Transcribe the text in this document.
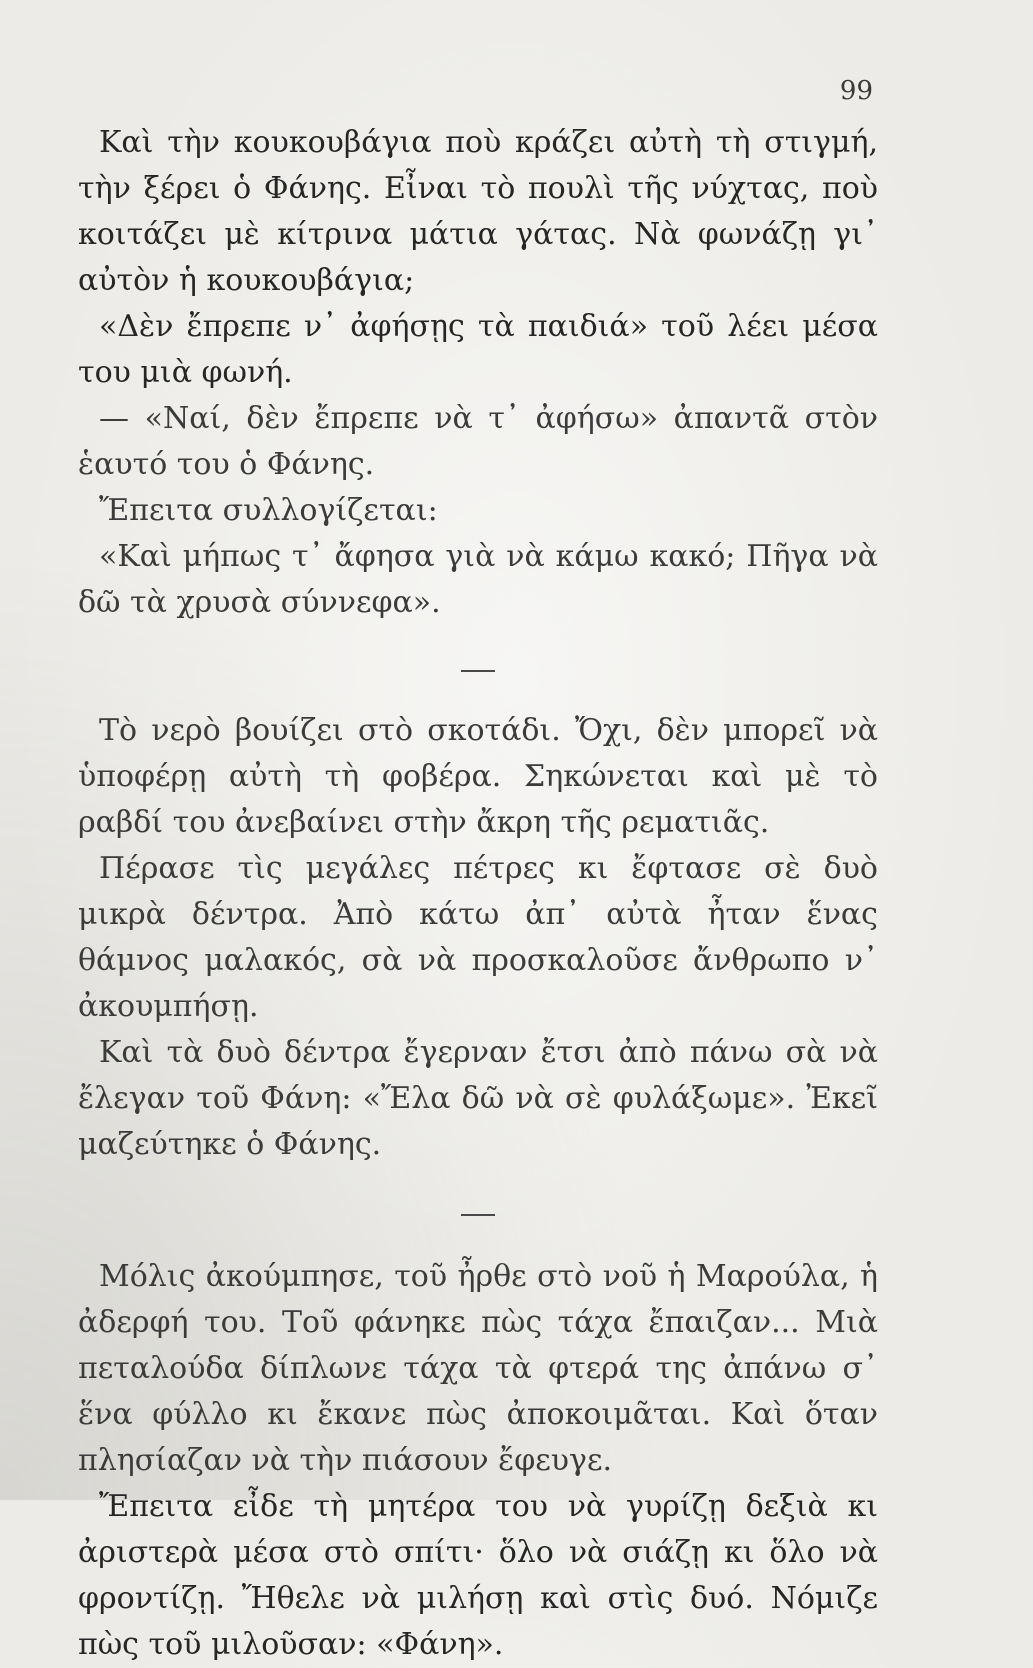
99

Καὶ τὴν κουκουβάγια ποὺ κράζει αὐτὴ τὴ στιγμή, τὴν ξέρει ὁ Φάνης. Εἶναι τὸ πουλὶ τῆς νύχτας, ποὺ κοιτάζει μὲ κίτρινα μάτια γάτας. Νὰ φωνάζῃ γι᾿ αὐτὸν ἡ κουκουβάγια;

«Δὲν ἔπρεπε ν᾿ ἀφήσῃς τὰ παιδιά» τοῦ λέει μέσα του μιὰ φωνή.

— «Ναί, δὲν ἔπρεπε νὰ τ᾿ ἀφήσω» ἀπαντᾶ στὸν ἑαυτό του ὁ Φάνης.

Ἔπειτα συλλογίζεται:

«Καὶ μήπως τ᾿ ἄφησα γιὰ νὰ κάμω κακό; Πῆγα νὰ δῶ τὰ χρυσὰ σύννεφα».

Τὸ νερὸ βουίζει στὸ σκοτάδι. Ὄχι, δὲν μπορεῖ νὰ ὑποφέρῃ αὐτὴ τὴ φοβέρα. Σηκώνεται καὶ μὲ τὸ ραβδί του ἀνεβαίνει στὴν ἄκρη τῆς ρεματιᾶς.

Πέρασε τὶς μεγάλες πέτρες κι ἔφτασε σὲ δυὸ μικρὰ δέντρα. Ἀπὸ κάτω ἀπ᾿ αὐτὰ ἦταν ἕνας θάμνος μαλακός, σὰ νὰ προσκαλοῦσε ἄνθρωπο ν᾿ ἀκουμπήσῃ.

Καὶ τὰ δυὸ δέντρα ἔγερναν ἔτσι ἀπὸ πάνω σὰ νὰ ἔλεγαν τοῦ Φάνη: «Ἔλα δῶ νὰ σὲ φυλάξωμε». Ἐκεῖ μαζεύτηκε ὁ Φάνης.

Μόλις ἀκούμπησε, τοῦ ἦρθε στὸ νοῦ ἡ Μαρούλα, ἡ ἀδερφή του. Τοῦ φάνηκε πὼς τάχα ἔπαιζαν... Μιὰ πεταλούδα δίπλωνε τάχα τὰ φτερά της ἀπάνω σ᾿ ἕνα φύλλο κι ἔκανε πὼς ἀποκοιμᾶται. Καὶ ὅταν πλησίαζαν νὰ τὴν πιάσουν ἔφευγε.

Ἔπειτα εἶδε τὴ μητέρα του νὰ γυρίζῃ δεξιὰ κι ἀριστερὰ μέσα στὸ σπίτι· ὅλο νὰ σιάζῃ κι ὅλο νὰ φροντίζῃ. Ἤθελε νὰ μιλήσῃ καὶ στὶς δυό. Νόμιζε πὼς τοῦ μιλοῦσαν: «Φάνη».
